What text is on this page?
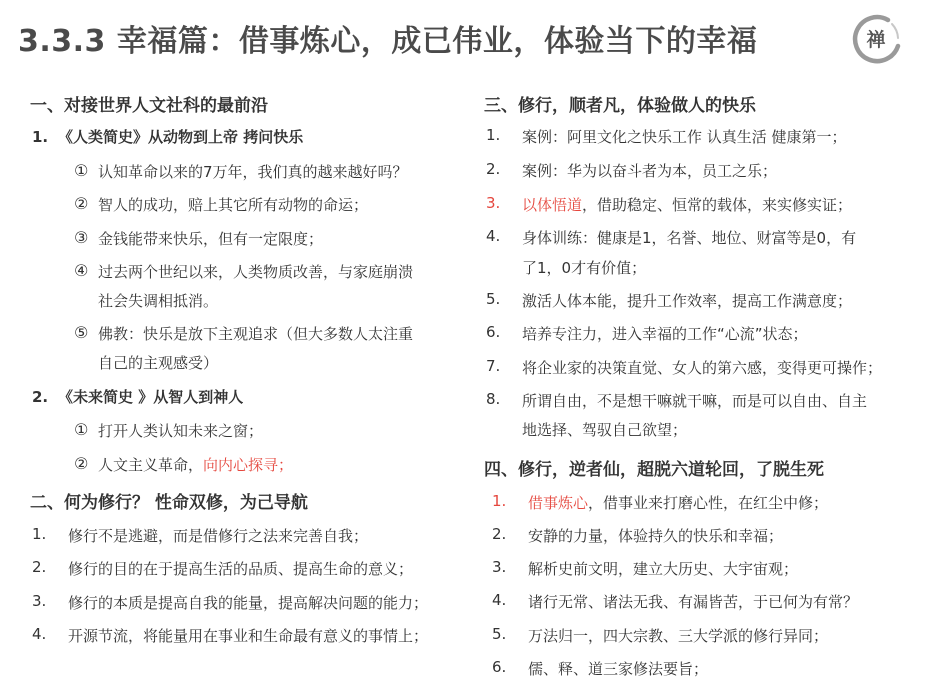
3.3.3 幸福篇：借事炼心，成已伟业，体验当下的幸福	禅
一、对接世界人文社科的最前沿
1. 《人类简史》从动物到上帝 拷问快乐
① 认知革命以来的7万年，我们真的越来越好吗？
② 智人的成功，赔上其它所有动物的命运；
③ 金钱能带来快乐，但有一定限度；
④ 过去两个世纪以来，人类物质改善，与家庭崩溃
社会失调相抵消。
⑤ 佛教：快乐是放下主观追求（但大多数人太注重
自己的主观感受）
2. 《未来简史 》从智人到神人
① 打开人类认知未来之窗；
② 人文主义革命，向内心探寻；
二、何为修行？ 性命双修，为己导航
1. 修行不是逃避，而是借修行之法来完善自我；
2. 修行的目的在于提高生活的品质、提高生命的意义；
3. 修行的本质是提高自我的能量，提高解决问题的能力；
4. 开源节流，将能量用在事业和生命最有意义的事情上；
三、修行，顺者凡，体验做人的快乐
1. 案例：阿里文化之快乐工作 认真生活 健康第一；
2. 案例：华为以奋斗者为本，员工之乐；
3. 以体悟道，借助稳定、恒常的载体，来实修实证；
4. 身体训练：健康是1，名誉、地位、财富等是0，有
了1，0才有价值；
5. 激活人体本能，提升工作效率，提高工作满意度；
6. 培养专注力，进入幸福的工作“心流”状态；
7. 将企业家的决策直觉、女人的第六感，变得更可操作；
8. 所谓自由，不是想干嘛就干嘛，而是可以自由、自主
地选择、驾驭自己欲望；
四、修行，逆者仙，超脱六道轮回，了脱生死
1. 借事炼心，借事业来打磨心性，在红尘中修；
2. 安静的力量，体验持久的快乐和幸福；
3. 解析史前文明，建立大历史、大宇宙观；
4. 诸行无常、诸法无我、有漏皆苦，于已何为有常？
5. 万法归一，四大宗教、三大学派的修行异同；
6. 儒、释、道三家修法要旨；
